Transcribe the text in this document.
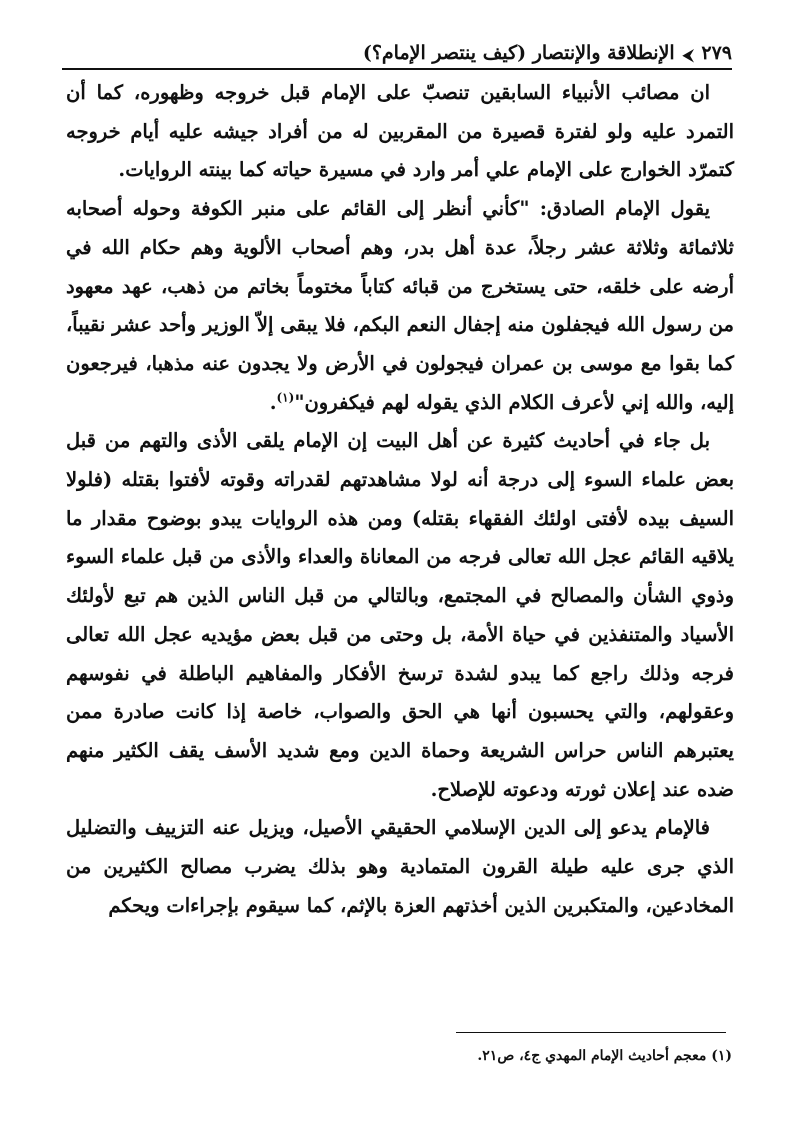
٢٧٩
⮜
الإنطلاقة والإنتصار (كيف ينتصر الإمام؟)

ان مصائب الأنبياء السابقين تنصبّ على الإمام قبل خروجه وظهوره، كما أن التمرد عليه ولو لفترة قصيرة من المقربين له من أفراد جيشه عليه أيام خروجه كتمرّد الخوارج على الإمام علي أمر وارد في مسيرة حياته كما بينته الروايات.

يقول الإمام الصادق: "كأني أنظر إلى القائم على منبر الكوفة وحوله أصحابه ثلاثمائة وثلاثة عشر رجلاً، عدة أهل بدر، وهم أصحاب الألوية وهم حكام الله في أرضه على خلقه، حتى يستخرج من قبائه كتاباً مختوماً بخاتم من ذهب، عهد معهود من رسول الله فيجفلون منه إجفال النعم البكم، فلا يبقى إلاّ الوزير وأحد عشر نقيباً، كما بقوا مع موسى بن عمران فيجولون في الأرض ولا يجدون عنه مذهبا، فيرجعون إليه، والله إني لأعرف الكلام الذي يقوله لهم فيكفرون"$^{(١)}$.

بل جاء في أحاديث كثيرة عن أهل البيت إن الإمام يلقى الأذى والتهم من قبل بعض علماء السوء إلى درجة أنه لولا مشاهدتهم لقدراته وقوته لأفتوا بقتله (فلولا السيف بيده لأفتى اولئك الفقهاء بقتله) ومن هذه الروايات يبدو بوضوح مقدار ما يلاقيه القائم عجل الله تعالى فرجه من المعاناة والعداء والأذى من قبل علماء السوء وذوي الشأن والمصالح في المجتمع، وبالتالي من قبل الناس الذين هم تبع لأولئك الأسياد والمتنفذين في حياة الأمة، بل وحتى من قبل بعض مؤيديه عجل الله تعالى فرجه وذلك راجع كما يبدو لشدة ترسخ الأفكار والمفاهيم الباطلة في نفوسهم وعقولهم، والتي يحسبون أنها هي الحق والصواب، خاصة إذا كانت صادرة ممن يعتبرهم الناس حراس الشريعة وحماة الدين ومع شديد الأسف يقف الكثير منهم ضده عند إعلان ثورته ودعوته للإصلاح.

فالإمام يدعو إلى الدين الإسلامي الحقيقي الأصيل، ويزيل عنه التزييف والتضليل الذي جرى عليه طيلة القرون المتمادية وهو بذلك يضرب مصالح الكثيرين من المخادعين، والمتكبرين الذين أخذتهم العزة بالإثم، كما سيقوم بإجراءات ويحكم

(١) معجم أحاديث الإمام المهدي ج٤، ص٢١.
